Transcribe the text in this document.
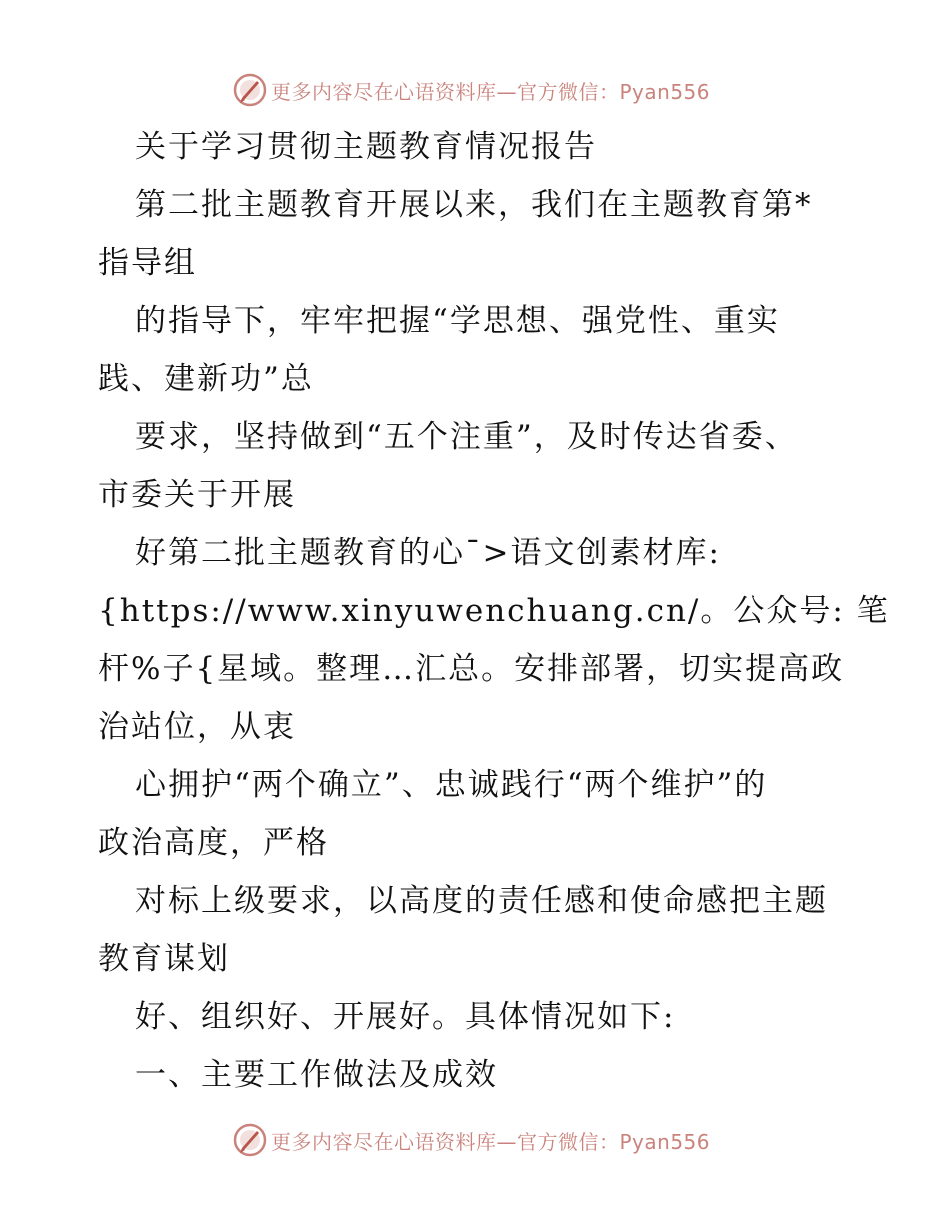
更多内容尽在心语资料库—官方微信：Pyan556
关于学习贯彻主题教育情况报告
第二批主题教育开展以来，我们在主题教育第*
指导组
的指导下，牢牢把握“学思想、强党性、重实
践、建新功”总
要求，坚持做到“五个注重”，及时传达省委、
市委关于开展
好第二批主题教育的心¯>语文创素材库:
{https://www.xinyuwenchuang.cn/。公众号: 笔
杆%子{星域。整理…汇总。安排部署，切实提高政
治站位，从衷
心拥护“两个确立”、忠诚践行“两个维护”的
政治高度，严格
对标上级要求，以高度的责任感和使命感把主题
教育谋划
好、组织好、开展好。具体情况如下:
一、主要工作做法及成效
更多内容尽在心语资料库—官方微信：Pyan556
